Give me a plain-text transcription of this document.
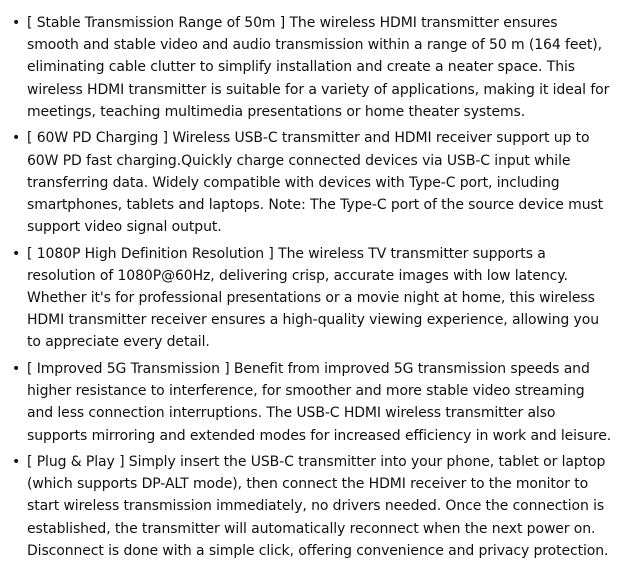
• [ Stable Transmission Range of 50m ] The wireless HDMI transmitter ensures smooth and stable video and audio transmission within a range of 50 m (164 feet), eliminating cable clutter to simplify installation and create a neater space. This wireless HDMI transmitter is suitable for a variety of applications, making it ideal for meetings, teaching multimedia presentations or home theater systems.
• [ 60W PD Charging ] Wireless USB-C transmitter and HDMI receiver support up to 60W PD fast charging.Quickly charge connected devices via USB-C input while transferring data. Widely compatible with devices with Type-C port, including smartphones, tablets and laptops. Note: The Type-C port of the source device must support video signal output.
• [ 1080P High Definition Resolution ] The wireless TV transmitter supports a resolution of 1080P@60Hz, delivering crisp, accurate images with low latency. Whether it's for professional presentations or a movie night at home, this wireless HDMI transmitter receiver ensures a high-quality viewing experience, allowing you to appreciate every detail.
• [ Improved 5G Transmission ] Benefit from improved 5G transmission speeds and higher resistance to interference, for smoother and more stable video streaming and less connection interruptions. The USB-C HDMI wireless transmitter also supports mirroring and extended modes for increased efficiency in work and leisure.
• [ Plug & Play ] Simply insert the USB-C transmitter into your phone, tablet or laptop (which supports DP-ALT mode), then connect the HDMI receiver to the monitor to start wireless transmission immediately, no drivers needed. Once the connection is established, the transmitter will automatically reconnect when the next power on. Disconnect is done with a simple click, offering convenience and privacy protection.
